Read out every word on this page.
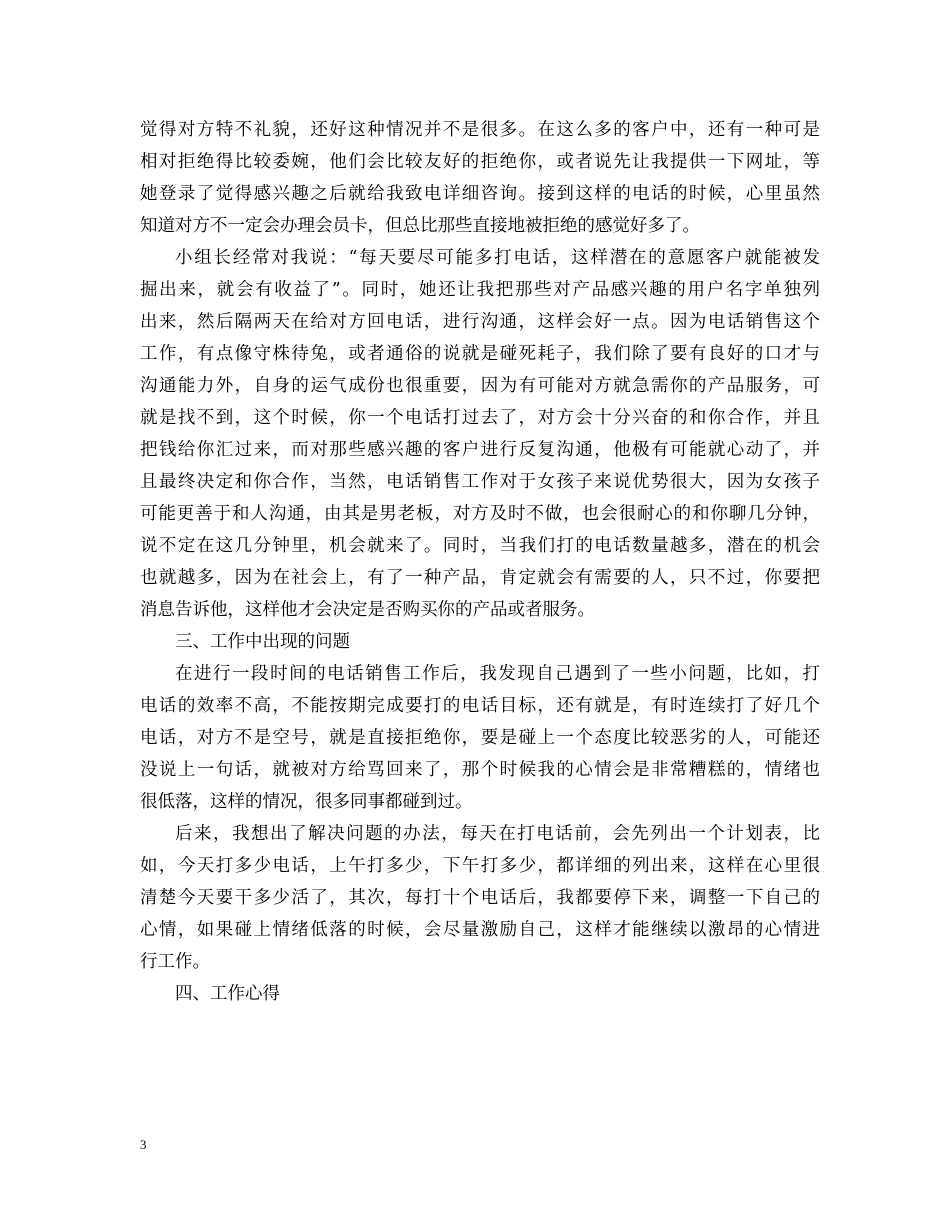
觉得对方特不礼貌，还好这种情况并不是很多。在这么多的客户中，还有一种可是
相对拒绝得比较委婉，他们会比较友好的拒绝你，或者说先让我提供一下网址，等
她登录了觉得感兴趣之后就给我致电详细咨询。接到这样的电话的时候，心里虽然
知道对方不一定会办理会员卡，但总比那些直接地被拒绝的感觉好多了。
小组长经常对我说：“每天要尽可能多打电话，这样潜在的意愿客户就能被发
掘出来，就会有收益了”。同时，她还让我把那些对产品感兴趣的用户名字单独列
出来，然后隔两天在给对方回电话，进行沟通，这样会好一点。因为电话销售这个
工作，有点像守株待兔，或者通俗的说就是碰死耗子，我们除了要有良好的口才与
沟通能力外，自身的运气成份也很重要，因为有可能对方就急需你的产品服务，可
就是找不到，这个时候，你一个电话打过去了，对方会十分兴奋的和你合作，并且
把钱给你汇过来，而对那些感兴趣的客户进行反复沟通，他极有可能就心动了，并
且最终决定和你合作，当然，电话销售工作对于女孩子来说优势很大，因为女孩子
可能更善于和人沟通，由其是男老板，对方及时不做，也会很耐心的和你聊几分钟，
说不定在这几分钟里，机会就来了。同时，当我们打的电话数量越多，潜在的机会
也就越多，因为在社会上，有了一种产品，肯定就会有需要的人，只不过，你要把
消息告诉他，这样他才会决定是否购买你的产品或者服务。
三、工作中出现的问题
在进行一段时间的电话销售工作后，我发现自己遇到了一些小问题，比如，打
电话的效率不高，不能按期完成要打的电话目标，还有就是，有时连续打了好几个
电话，对方不是空号，就是直接拒绝你，要是碰上一个态度比较恶劣的人，可能还
没说上一句话，就被对方给骂回来了，那个时候我的心情会是非常糟糕的，情绪也
很低落，这样的情况，很多同事都碰到过。
后来，我想出了解决问题的办法，每天在打电话前，会先列出一个计划表，比
如，今天打多少电话，上午打多少，下午打多少，都详细的列出来，这样在心里很
清楚今天要干多少活了，其次，每打十个电话后，我都要停下来，调整一下自己的
心情，如果碰上情绪低落的时候，会尽量激励自己，这样才能继续以激昂的心情进
行工作。
四、工作心得
3
